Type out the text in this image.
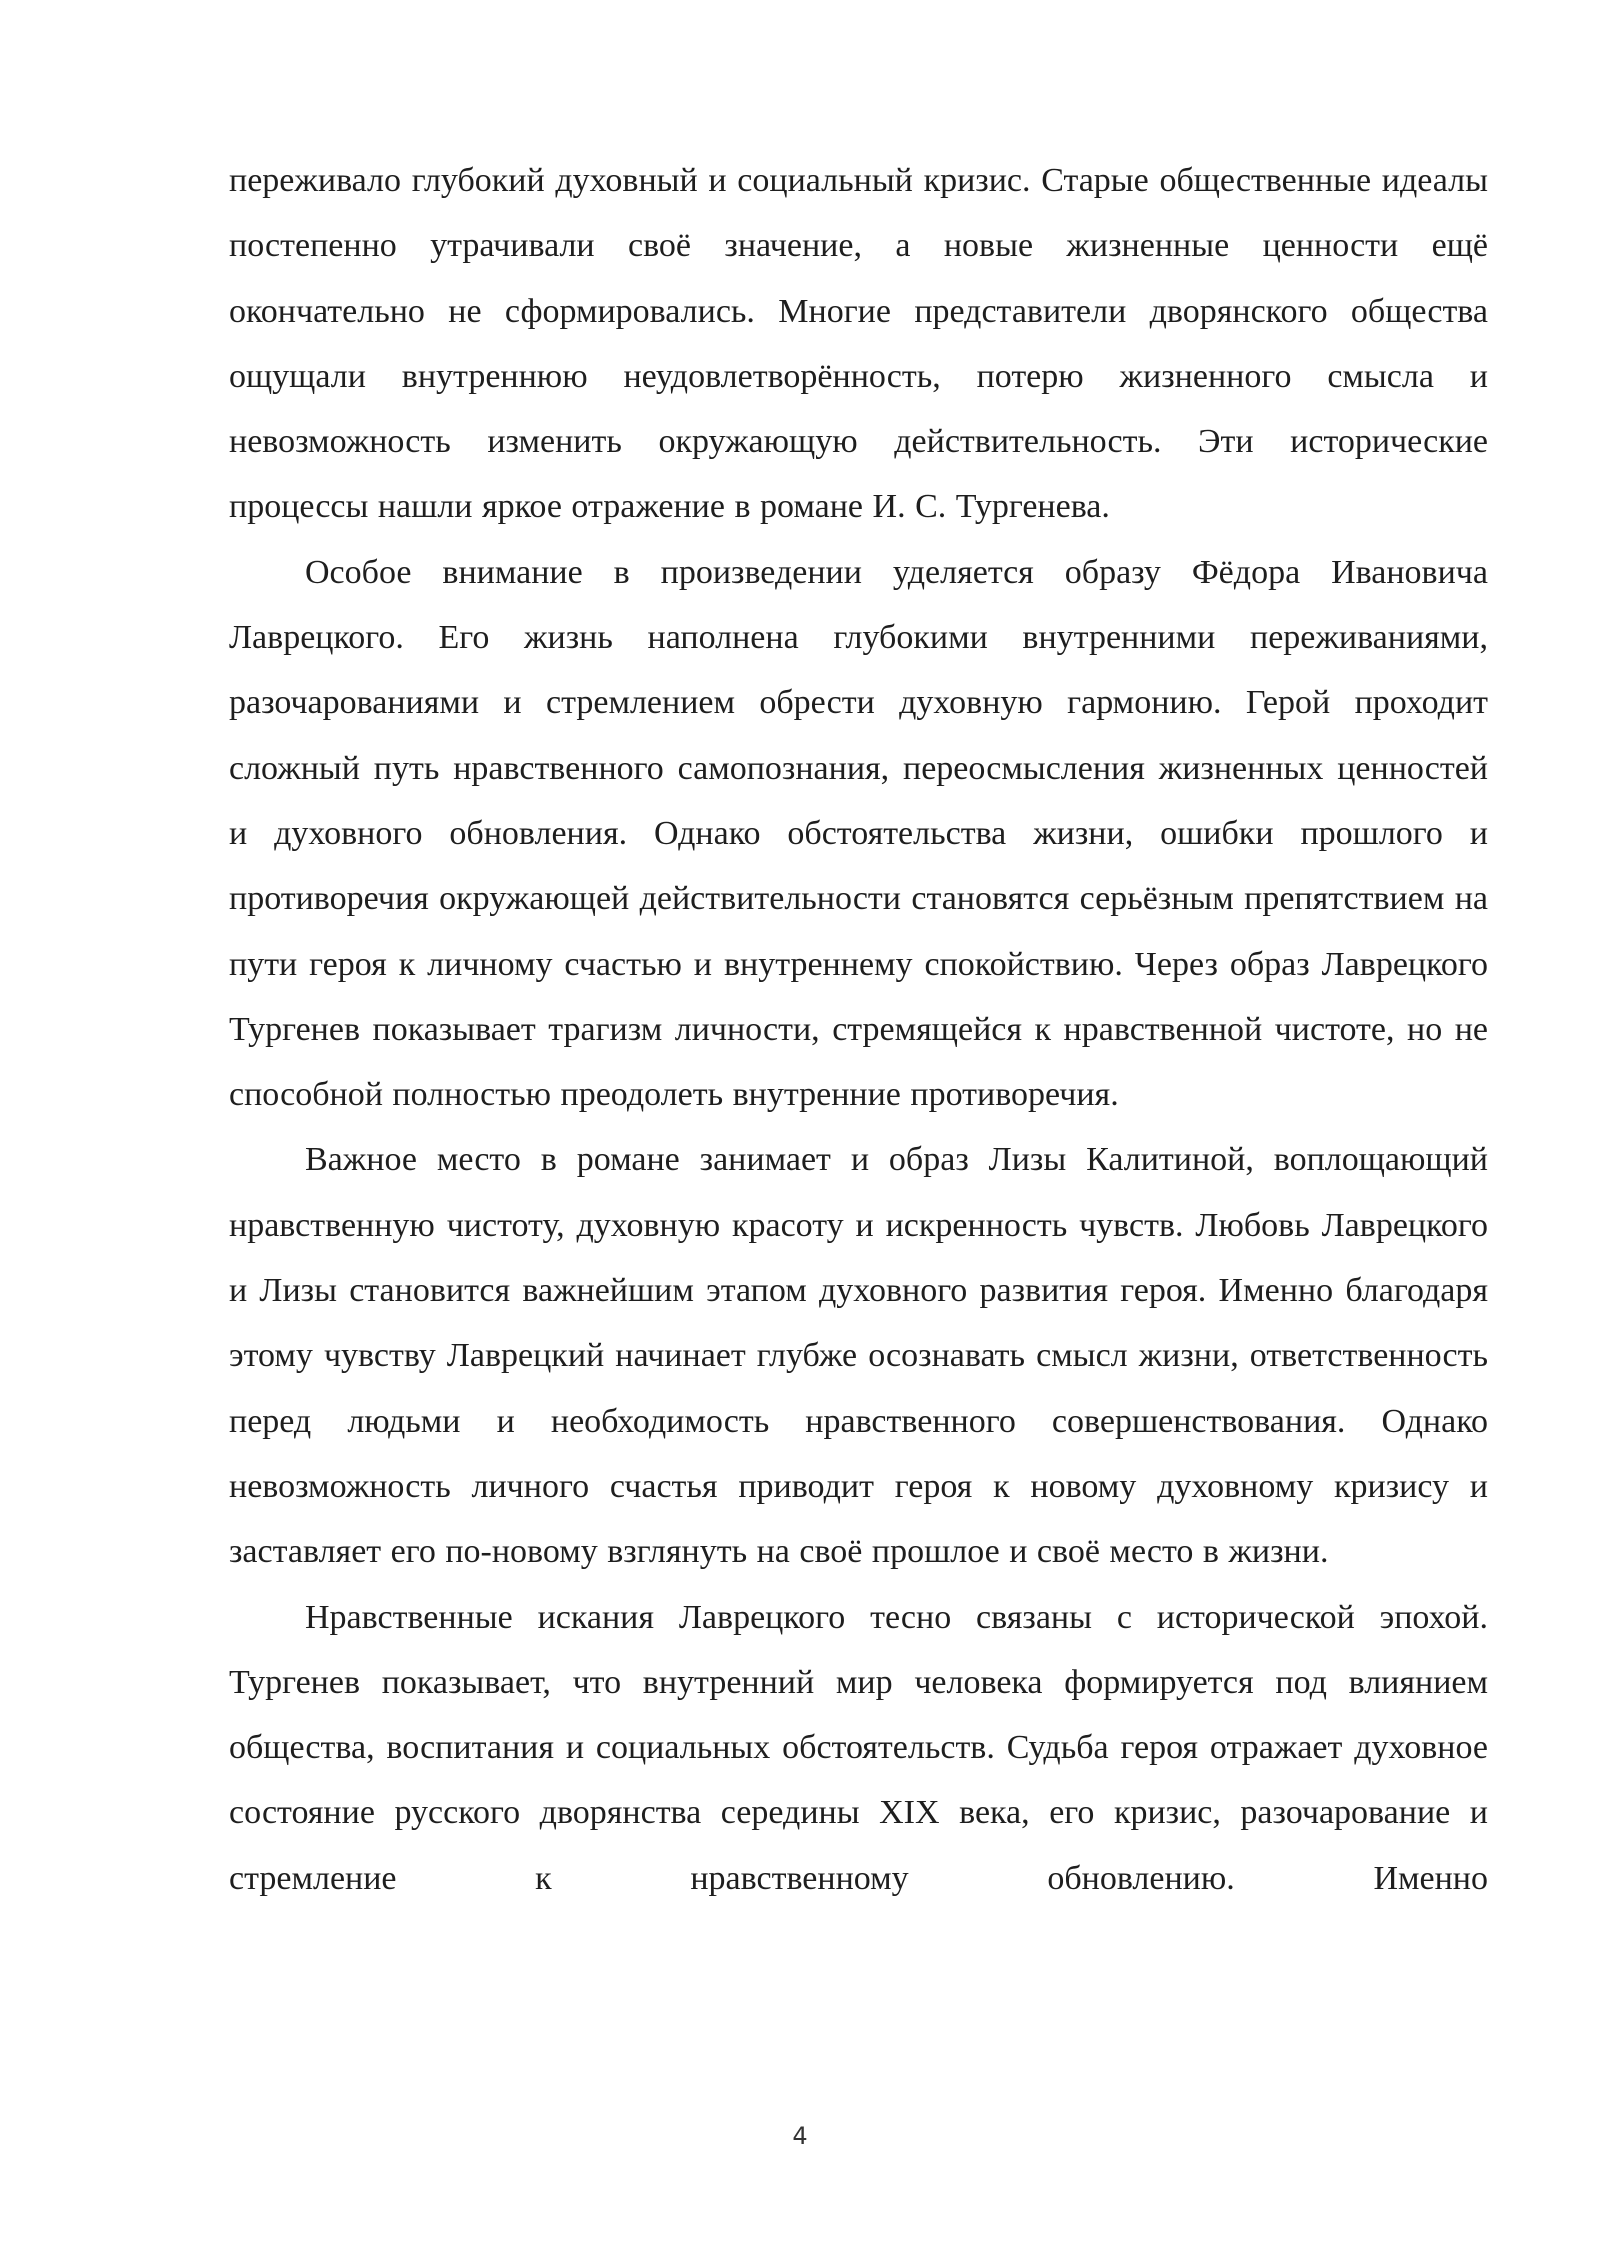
переживало глубокий духовный и социальный кризис. Старые общественные идеалы постепенно утрачивали своё значение, а новые жизненные ценности ещё окончательно не сформировались. Многие представители дворянского общества ощущали внутреннюю неудовлетворённость, потерю жизненного смысла и невозможность изменить окружающую действительность. Эти исторические процессы нашли яркое отражение в романе И. С. Тургенева.

Особое внимание в произведении уделяется образу Фёдора Ивановича Лаврецкого. Его жизнь наполнена глубокими внутренними переживаниями, разочарованиями и стремлением обрести духовную гармонию. Герой проходит сложный путь нравственного самопознания, переосмысления жизненных ценностей и духовного обновления. Однако обстоятельства жизни, ошибки прошлого и противоречия окружающей действительности становятся серьёзным препятствием на пути героя к личному счастью и внутреннему спокойствию. Через образ Лаврецкого Тургенев показывает трагизм личности, стремящейся к нравственной чистоте, но не способной полностью преодолеть внутренние противоречия.

Важное место в романе занимает и образ Лизы Калитиной, воплощающий нравственную чистоту, духовную красоту и искренность чувств. Любовь Лаврецкого и Лизы становится важнейшим этапом духовного развития героя. Именно благодаря этому чувству Лаврецкий начинает глубже осознавать смысл жизни, ответственность перед людьми и необходимость нравственного совершенствования. Однако невозможность личного счастья приводит героя к новому духовному кризису и заставляет его по-новому взглянуть на своё прошлое и своё место в жизни.

Нравственные искания Лаврецкого тесно связаны с исторической эпохой. Тургенев показывает, что внутренний мир человека формируется под влиянием общества, воспитания и социальных обстоятельств. Судьба героя отражает духовное состояние русского дворянства середины XIX века, его кризис, разочарование и стремление к нравственному обновлению. Именно

4
